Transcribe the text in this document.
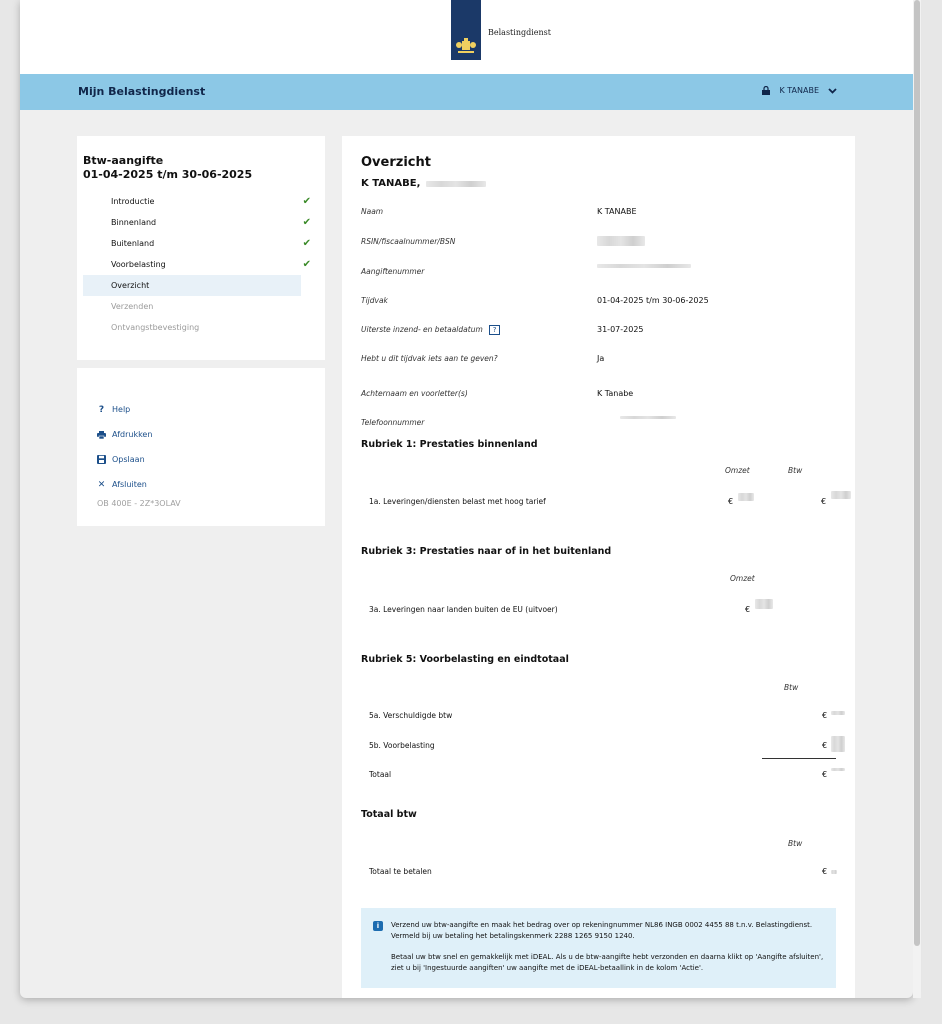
Belastingdienst
Mijn Belastingdienst	K TANABE
Btw-aangifte
01-04-2025 t/m 30-06-2025
Introductie	✔
Binnenland	✔
Buitenland	✔
Voorbelasting	✔
Overzicht
Verzenden
Ontvangstbevestiging
? Help
Afdrukken
Opslaan
✕ Afsluiten
OB 400E - 2Z*3OLAV
Overzicht
K TANABE,
Naam	K TANABE
RSIN/fiscaalnummer/BSN
Aangiftenummer
Tijdvak	01-04-2025 t/m 30-06-2025
Uiterste inzend- en betaaldatum ?	31-07-2025
Hebt u dit tijdvak iets aan te geven?	Ja
Achternaam en voorletter(s)	K Tanabe
Telefoonnummer
Rubriek 1: Prestaties binnenland
Omzet	Btw
1a. Leveringen/diensten belast met hoog tarief	€	€
Rubriek 3: Prestaties naar of in het buitenland
Omzet
3a. Leveringen naar landen buiten de EU (uitvoer)	€
Rubriek 5: Voorbelasting en eindtotaal
Btw
5a. Verschuldigde btw	€
5b. Voorbelasting	€
Totaal	€
Totaal btw
Btw
Totaal te betalen	€
i	Verzend uw btw-aangifte en maak het bedrag over op rekeningnummer NL86 INGB 0002 4455 88 t.n.v. Belastingdienst. Vermeld bij uw betaling het betalingskenmerk 2288 1265 9150 1240.

Betaal uw btw snel en gemakkelijk met iDEAL. Als u de btw-aangifte hebt verzonden en daarna klikt op 'Aangifte afsluiten', ziet u bij 'Ingestuurde aangiften' uw aangifte met de iDEAL-betaallink in de kolom 'Actie'.
